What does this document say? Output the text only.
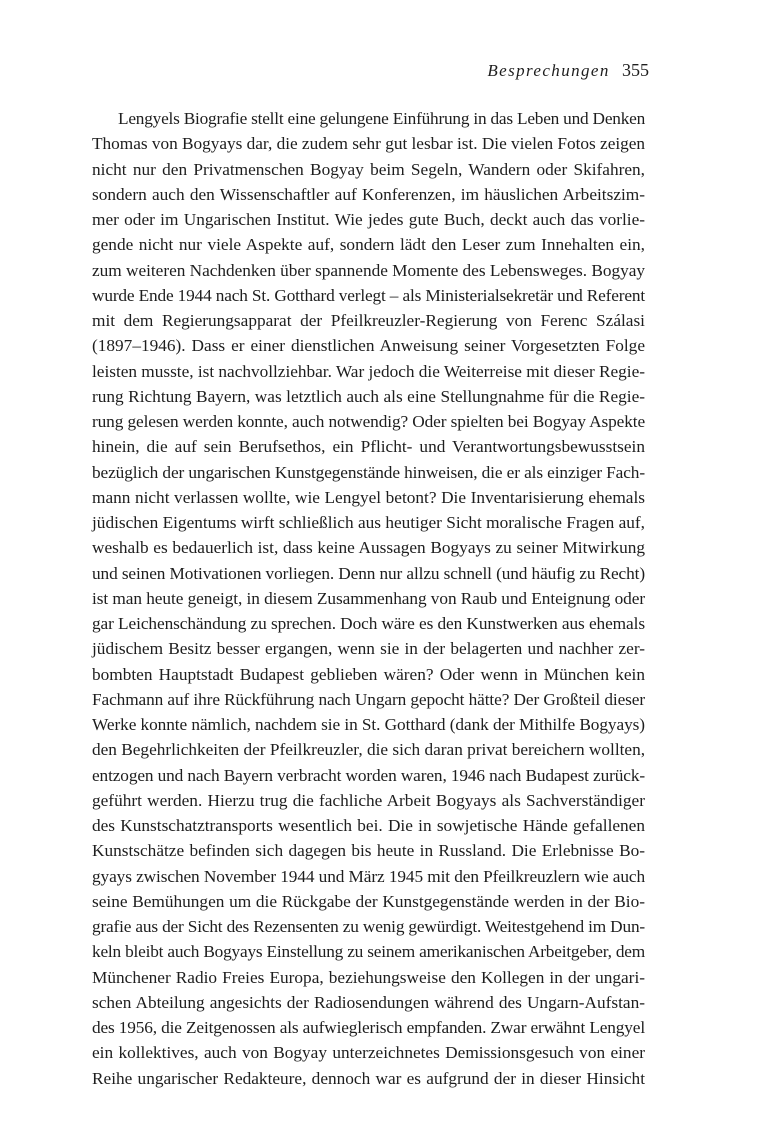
Besprechungen 355
Lengyels Biografie stellt eine gelungene Einführung in das Leben und Denken
Thomas von Bogyays dar, die zudem sehr gut lesbar ist. Die vielen Fotos zeigen
nicht nur den Privatmenschen Bogyay beim Segeln, Wandern oder Skifahren,
sondern auch den Wissenschaftler auf Konferenzen, im häuslichen Arbeitszim-
mer oder im Ungarischen Institut. Wie jedes gute Buch, deckt auch das vorlie-
gende nicht nur viele Aspekte auf, sondern lädt den Leser zum Innehalten ein,
zum weiteren Nachdenken über spannende Momente des Lebensweges. Bogyay
wurde Ende 1944 nach St. Gotthard verlegt – als Ministerialsekretär und Referent
mit dem Regierungsapparat der Pfeilkreuzler-Regierung von Ferenc Szálasi
(1897–1946). Dass er einer dienstlichen Anweisung seiner Vorgesetzten Folge
leisten musste, ist nachvollziehbar. War jedoch die Weiterreise mit dieser Regie-
rung Richtung Bayern, was letztlich auch als eine Stellungnahme für die Regie-
rung gelesen werden konnte, auch notwendig? Oder spielten bei Bogyay Aspekte
hinein, die auf sein Berufsethos, ein Pflicht- und Verantwortungsbewusstsein
bezüglich der ungarischen Kunstgegenstände hinweisen, die er als einziger Fach-
mann nicht verlassen wollte, wie Lengyel betont? Die Inventarisierung ehemals
jüdischen Eigentums wirft schließlich aus heutiger Sicht moralische Fragen auf,
weshalb es bedauerlich ist, dass keine Aussagen Bogyays zu seiner Mitwirkung
und seinen Motivationen vorliegen. Denn nur allzu schnell (und häufig zu Recht)
ist man heute geneigt, in diesem Zusammenhang von Raub und Enteignung oder
gar Leichenschändung zu sprechen. Doch wäre es den Kunstwerken aus ehemals
jüdischem Besitz besser ergangen, wenn sie in der belagerten und nachher zer-
bombten Hauptstadt Budapest geblieben wären? Oder wenn in München kein
Fachmann auf ihre Rückführung nach Ungarn gepocht hätte? Der Großteil dieser
Werke konnte nämlich, nachdem sie in St. Gotthard (dank der Mithilfe Bogyays)
den Begehrlichkeiten der Pfeilkreuzler, die sich daran privat bereichern wollten,
entzogen und nach Bayern verbracht worden waren, 1946 nach Budapest zurück-
geführt werden. Hierzu trug die fachliche Arbeit Bogyays als Sachverständiger
des Kunstschatztransports wesentlich bei. Die in sowjetische Hände gefallenen
Kunstschätze befinden sich dagegen bis heute in Russland. Die Erlebnisse Bo-
gyays zwischen November 1944 und März 1945 mit den Pfeilkreuzlern wie auch
seine Bemühungen um die Rückgabe der Kunstgegenstände werden in der Bio-
grafie aus der Sicht des Rezensenten zu wenig gewürdigt. Weitestgehend im Dun-
keln bleibt auch Bogyays Einstellung zu seinem amerikanischen Arbeitgeber, dem
Münchener Radio Freies Europa, beziehungsweise den Kollegen in der ungari-
schen Abteilung angesichts der Radiosendungen während des Ungarn-Aufstan-
des 1956, die Zeitgenossen als aufwieglerisch empfanden. Zwar erwähnt Lengyel
ein kollektives, auch von Bogyay unterzeichnetes Demissionsgesuch von einer
Reihe ungarischer Redakteure, dennoch war es aufgrund der in dieser Hinsicht
